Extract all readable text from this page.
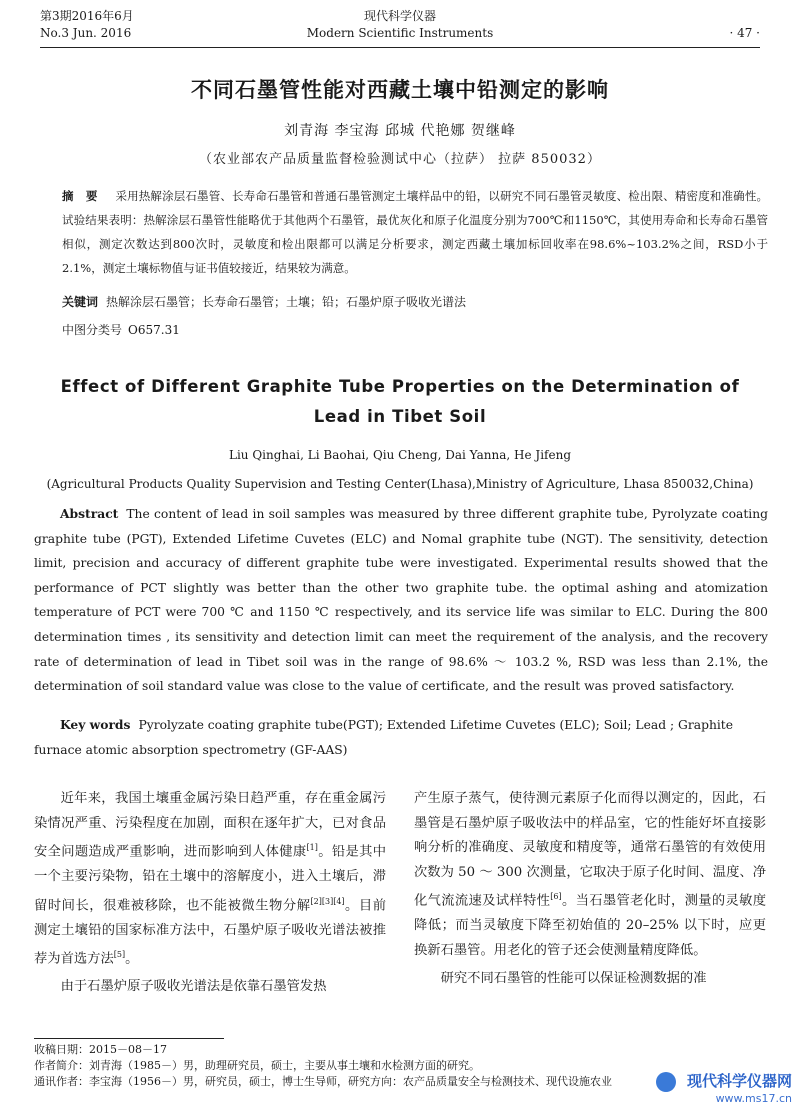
第3期2016年6月
No.3 Jun. 2016
现代科学仪器
Modern Scientific Instruments	· 47 ·
不同石墨管性能对西藏土壤中铅测定的影响
刘青海 李宝海 邱城 代艳娜 贺继峰
（农业部农产品质量监督检验测试中心（拉萨） 拉萨 850032）
摘 要 采用热解涂层石墨管、长寿命石墨管和普通石墨管测定土壤样品中的铅，以研究不同石墨管灵敏度、检出限、精密度和准确性。试验结果表明：热解涂层石墨管性能略优于其他两个石墨管，最优灰化和原子化温度分别为700℃和1150℃，其使用寿命和长寿命石墨管相似，测定次数达到800次时，灵敏度和检出限都可以满足分析要求，测定西藏土壤加标回收率在98.6%~103.2%之间，RSD小于2.1%，测定土壤标物值与证书值较接近，结果较为满意。
关键词 热解涂层石墨管；长寿命石墨管；土壤；铅；石墨炉原子吸收光谱法
中图分类号 O657.31
Effect of Different Graphite Tube Properties on the Determination of Lead in Tibet Soil
Liu Qinghai, Li Baohai, Qiu Cheng, Dai Yanna, He Jifeng
(Agricultural Products Quality Supervision and Testing Center(Lhasa),Ministry of Agriculture, Lhasa 850032,China)
Abstract The content of lead in soil samples was measured by three different graphite tube, Pyrolyzate coating graphite tube (PGT), Extended Lifetime Cuvetes (ELC) and Nomal graphite tube (NGT). The sensitivity, detection limit, precision and accuracy of different graphite tube were investigated. Experimental results showed that the performance of PCT slightly was better than the other two graphite tube. the optimal ashing and atomization temperature of PCT were 700 ℃ and 1150 ℃ respectively, and its service life was similar to ELC. During the 800 determination times , its sensitivity and detection limit can meet the requirement of the analysis, and the recovery rate of determination of lead in Tibet soil was in the range of 98.6% ～ 103.2 %, RSD was less than 2.1%, the determination of soil standard value was close to the value of certificate, and the result was proved satisfactory.
Key words Pyrolyzate coating graphite tube(PGT); Extended Lifetime Cuvetes (ELC); Soil; Lead ; Graphite furnace atomic absorption spectrometry (GF-AAS)

近年来，我国土壤重金属污染日趋严重，存在重金属污染情况严重、污染程度在加剧，面积在逐年扩大，已对食品安全问题造成严重影响，进而影响到人体健康[1]。铅是其中一个主要污染物，铅在土壤中的溶解度小，进入土壤后，滞留时间长，很难被移除，也不能被微生物分解[2][3][4]。目前测定土壤铅的国家标准方法中，石墨炉原子吸收光谱法被推荐为首选方法[5]。

由于石墨炉原子吸收光谱法是依靠石墨管发热

产生原子蒸气，使待测元素原子化而得以测定的，因此，石墨管是石墨炉原子吸收法中的样品室，它的性能好坏直接影响分析的准确度、灵敏度和精度等，通常石墨管的有效使用次数为 50 ～ 300 次测量，它取决于原子化时间、温度、净化气流流速及试样特性[6]。当石墨管老化时，测量的灵敏度降低；而当灵敏度下降至初始值的 20–25% 以下时，应更换新石墨管。用老化的管子还会使测量精度降低。

研究不同石墨管的性能可以保证检测数据的准

收稿日期：2015－08－17
作者简介：刘青海（1985－）男，助理研究员，硕士，主要从事土壤和水检测方面的研究。
通讯作者：李宝海（1956－）男，研究员，硕士，博士生导师，研究方向：农产品质量安全与检测技术、现代设施农业	现代科学仪器网
www.ms17.cn
